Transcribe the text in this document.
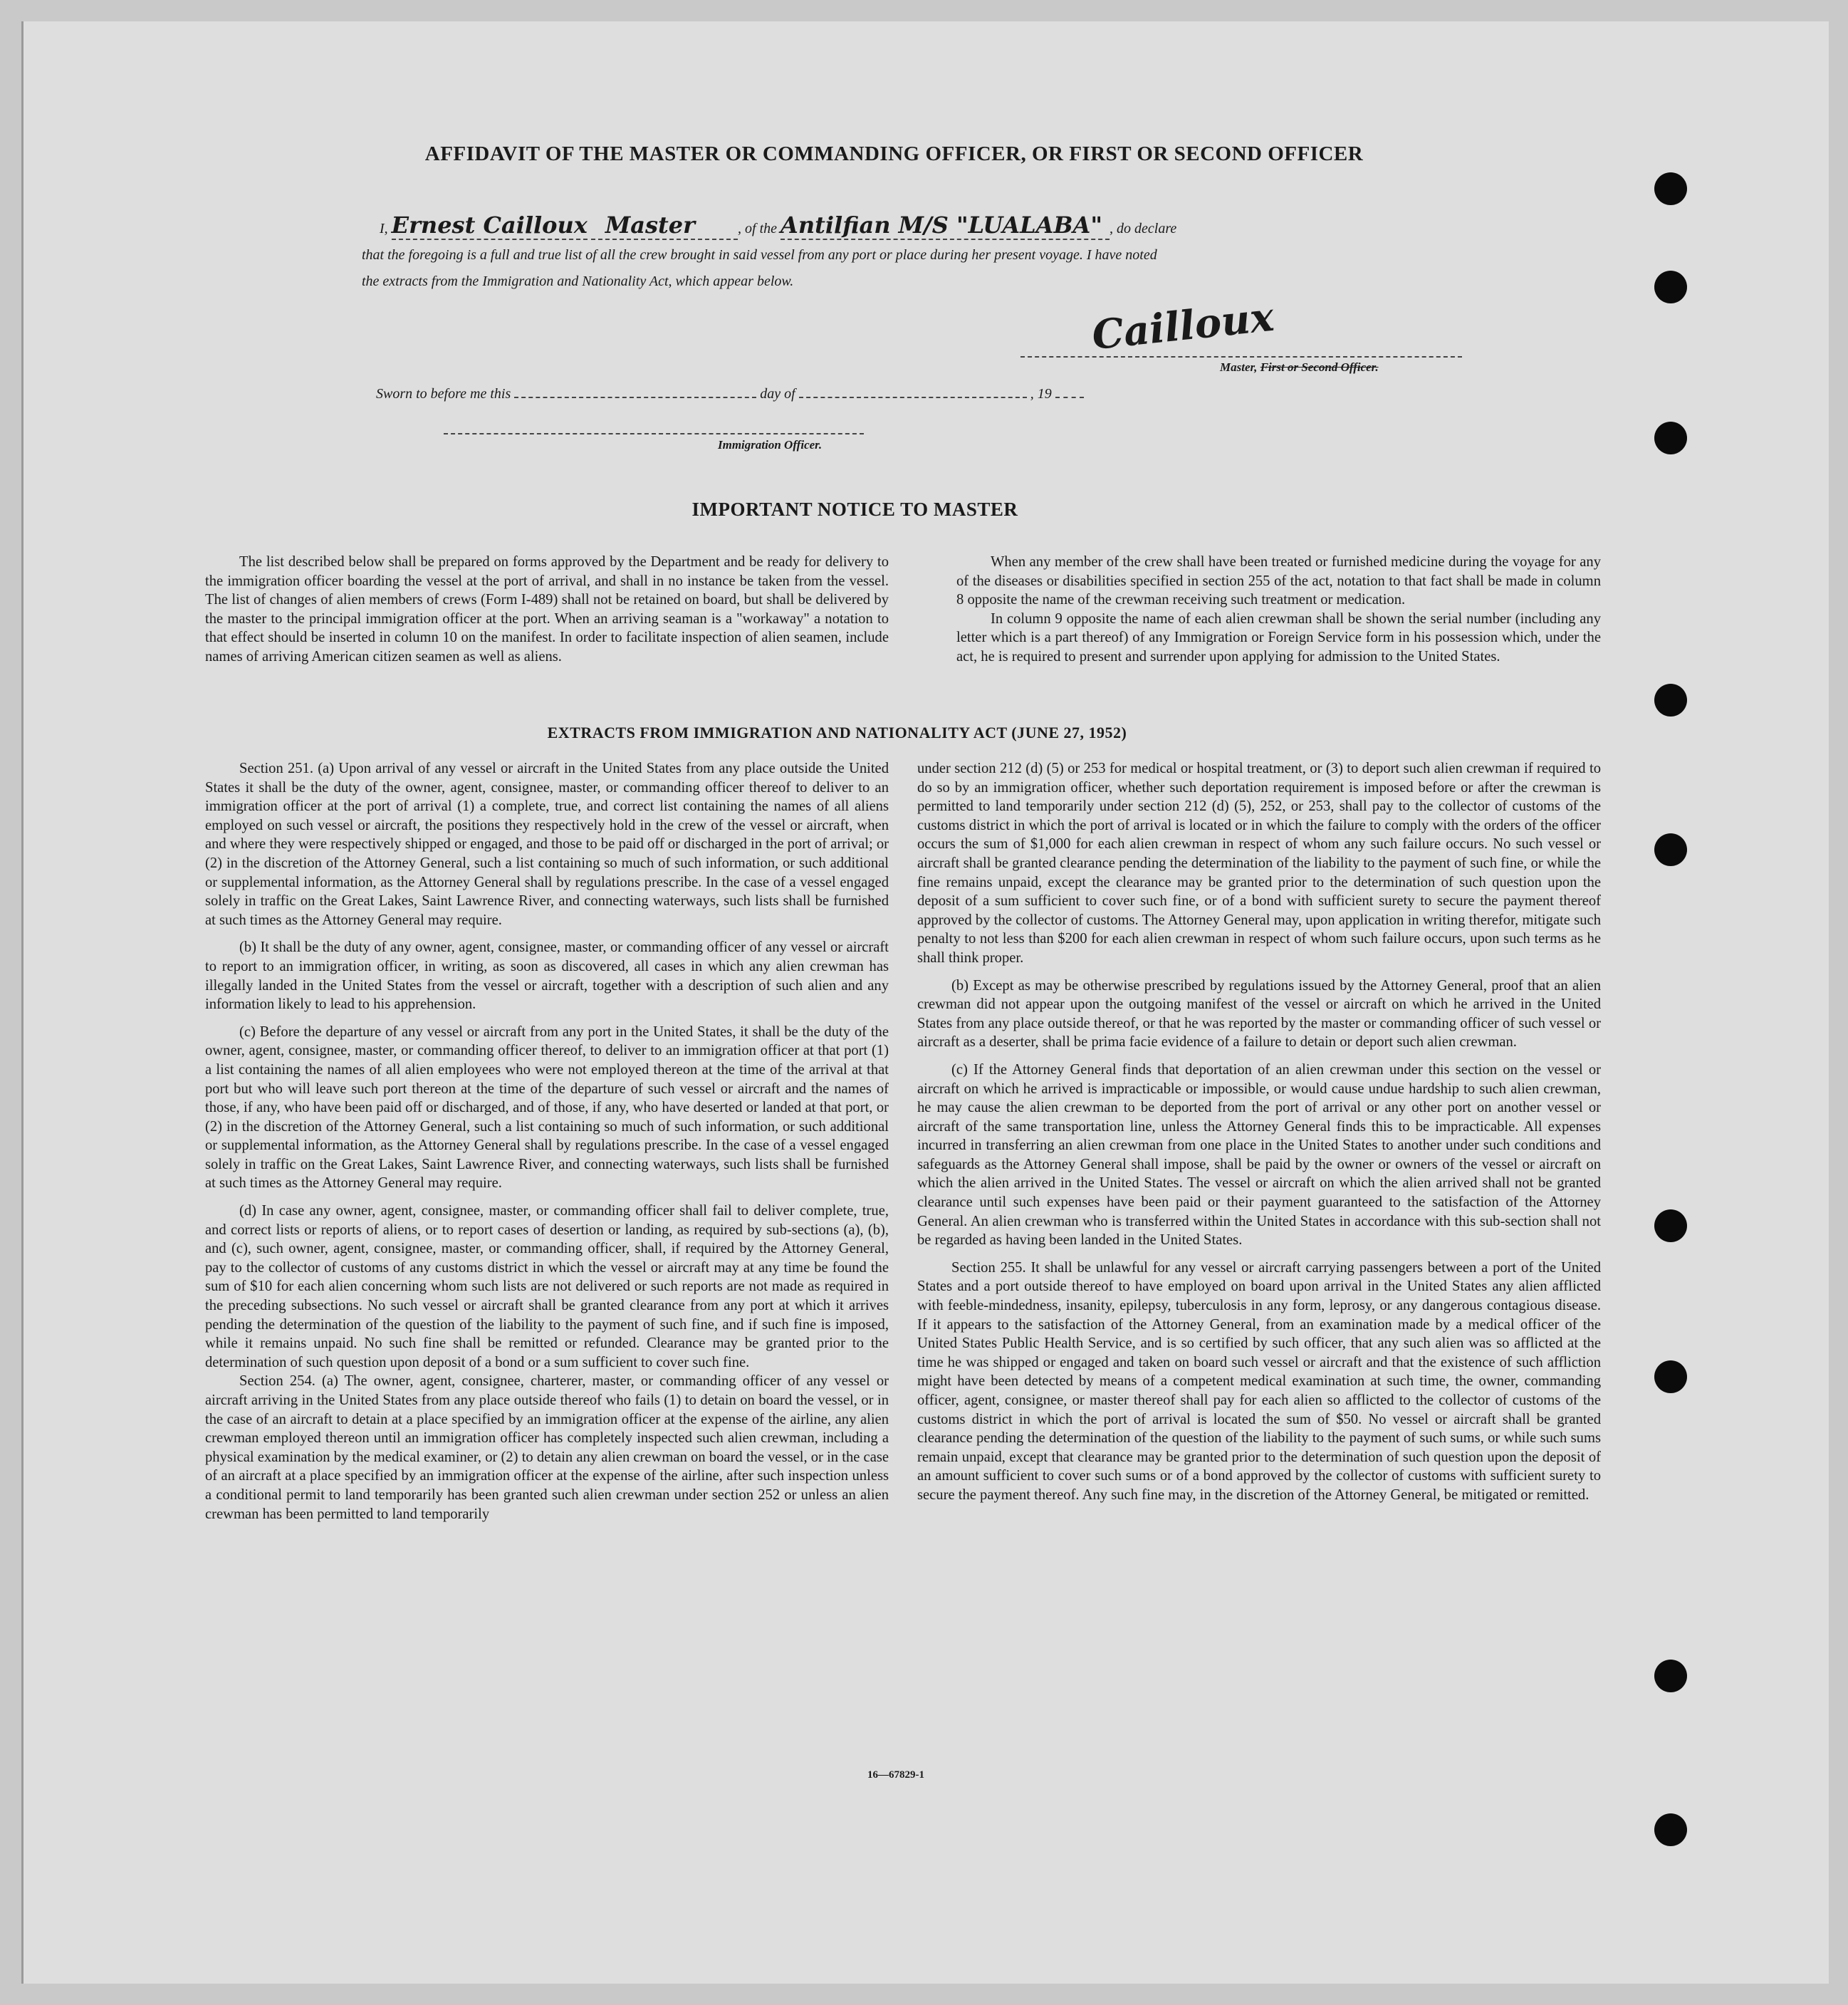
AFFIDAVIT OF THE MASTER OR COMMANDING OFFICER, OR FIRST OR SECOND OFFICER
I, Ernest Cailloux Master	, of the Antilfian M/S "LUALABA" , do declare
that the foregoing is a full and true list of all the crew brought in said vessel from any port or place during her present voyage. I have noted
the extracts from the Immigration and Nationality Act, which appear below.
Cailloux
Master, First or Second Officer.
Sworn to before me this	day of	, 19
Immigration Officer.
IMPORTANT NOTICE TO MASTER

The list described below shall be prepared on forms approved by the Department and be ready for delivery to the immigration officer boarding the vessel at the port of arrival, and shall in no instance be taken from the vessel. The list of changes of alien members of crews (Form I-489) shall not be retained on board, but shall be delivered by the master to the principal immigration officer at the port. When an arriving seaman is a "workaway" a notation to that effect should be inserted in column 10 on the manifest. In order to facilitate inspection of alien seamen, include names of arriving American citizen seamen as well as aliens.

When any member of the crew shall have been treated or furnished medicine during the voyage for any of the diseases or disabilities specified in section 255 of the act, notation to that fact shall be made in column 8 opposite the name of the crewman receiving such treatment or medication.

In column 9 opposite the name of each alien crewman shall be shown the serial number (including any letter which is a part thereof) of any Immigration or Foreign Service form in his possession which, under the act, he is required to present and surrender upon applying for admission to the United States.

EXTRACTS FROM IMMIGRATION AND NATIONALITY ACT (JUNE 27, 1952)

Section 251. (a) Upon arrival of any vessel or aircraft in the United States from any place outside the United States it shall be the duty of the owner, agent, consignee, master, or commanding officer thereof to deliver to an immigration officer at the port of arrival (1) a complete, true, and correct list containing the names of all aliens employed on such vessel or aircraft, the positions they respectively hold in the crew of the vessel or aircraft, when and where they were respectively shipped or engaged, and those to be paid off or discharged in the port of arrival; or (2) in the discretion of the Attorney General, such a list containing so much of such information, or such additional or supplemental information, as the Attorney General shall by regulations prescribe. In the case of a vessel engaged solely in traffic on the Great Lakes, Saint Lawrence River, and connecting waterways, such lists shall be furnished at such times as the Attorney General may require.

(b) It shall be the duty of any owner, agent, consignee, master, or commanding officer of any vessel or aircraft to report to an immigration officer, in writing, as soon as discovered, all cases in which any alien crewman has illegally landed in the United States from the vessel or aircraft, together with a description of such alien and any information likely to lead to his apprehension.

(c) Before the departure of any vessel or aircraft from any port in the United States, it shall be the duty of the owner, agent, consignee, master, or commanding officer thereof, to deliver to an immigration officer at that port (1) a list containing the names of all alien employees who were not employed thereon at the time of the arrival at that port but who will leave such port thereon at the time of the departure of such vessel or aircraft and the names of those, if any, who have been paid off or discharged, and of those, if any, who have deserted or landed at that port, or (2) in the discretion of the Attorney General, such a list containing so much of such information, or such additional or supplemental information, as the Attorney General shall by regulations prescribe. In the case of a vessel engaged solely in traffic on the Great Lakes, Saint Lawrence River, and connecting waterways, such lists shall be furnished at such times as the Attorney General may require.

(d) In case any owner, agent, consignee, master, or commanding officer shall fail to deliver complete, true, and correct lists or reports of aliens, or to report cases of desertion or landing, as required by sub-sections (a), (b), and (c), such owner, agent, consignee, master, or commanding officer, shall, if required by the Attorney General, pay to the collector of customs of any customs district in which the vessel or aircraft may at any time be found the sum of $10 for each alien concerning whom such lists are not delivered or such reports are not made as required in the preceding subsections. No such vessel or aircraft shall be granted clearance from any port at which it arrives pending the determination of the question of the liability to the payment of such fine, and if such fine is imposed, while it remains unpaid. No such fine shall be remitted or refunded. Clearance may be granted prior to the determination of such question upon deposit of a bond or a sum sufficient to cover such fine.

Section 254. (a) The owner, agent, consignee, charterer, master, or commanding officer of any vessel or aircraft arriving in the United States from any place outside thereof who fails (1) to detain on board the vessel, or in the case of an aircraft to detain at a place specified by an immigration officer at the expense of the airline, any alien crewman employed thereon until an immigration officer has completely inspected such alien crewman, including a physical examination by the medical examiner, or (2) to detain any alien crewman on board the vessel, or in the case of an aircraft at a place specified by an immigration officer at the expense of the airline, after such inspection unless a conditional permit to land temporarily has been granted such alien crewman under section 252 or unless an alien crewman has been permitted to land temporarily

under section 212 (d) (5) or 253 for medical or hospital treatment, or (3) to deport such alien crewman if required to do so by an immigration officer, whether such deportation requirement is imposed before or after the crewman is permitted to land temporarily under section 212 (d) (5), 252, or 253, shall pay to the collector of customs of the customs district in which the port of arrival is located or in which the failure to comply with the orders of the officer occurs the sum of $1,000 for each alien crewman in respect of whom any such failure occurs. No such vessel or aircraft shall be granted clearance pending the determination of the liability to the payment of such fine, or while the fine remains unpaid, except the clearance may be granted prior to the determination of such question upon the deposit of a sum sufficient to cover such fine, or of a bond with sufficient surety to secure the payment thereof approved by the collector of customs. The Attorney General may, upon application in writing therefor, mitigate such penalty to not less than $200 for each alien crewman in respect of whom such failure occurs, upon such terms as he shall think proper.

(b) Except as may be otherwise prescribed by regulations issued by the Attorney General, proof that an alien crewman did not appear upon the outgoing manifest of the vessel or aircraft on which he arrived in the United States from any place outside thereof, or that he was reported by the master or commanding officer of such vessel or aircraft as a deserter, shall be prima facie evidence of a failure to detain or deport such alien crewman.

(c) If the Attorney General finds that deportation of an alien crewman under this section on the vessel or aircraft on which he arrived is impracticable or impossible, or would cause undue hardship to such alien crewman, he may cause the alien crewman to be deported from the port of arrival or any other port on another vessel or aircraft of the same transportation line, unless the Attorney General finds this to be impracticable. All expenses incurred in transferring an alien crewman from one place in the United States to another under such conditions and safeguards as the Attorney General shall impose, shall be paid by the owner or owners of the vessel or aircraft on which the alien arrived in the United States. The vessel or aircraft on which the alien arrived shall not be granted clearance until such expenses have been paid or their payment guaranteed to the satisfaction of the Attorney General. An alien crewman who is transferred within the United States in accordance with this sub-section shall not be regarded as having been landed in the United States.

Section 255. It shall be unlawful for any vessel or aircraft carrying passengers between a port of the United States and a port outside thereof to have employed on board upon arrival in the United States any alien afflicted with feeble-mindedness, insanity, epilepsy, tuberculosis in any form, leprosy, or any dangerous contagious disease. If it appears to the satisfaction of the Attorney General, from an examination made by a medical officer of the United States Public Health Service, and is so certified by such officer, that any such alien was so afflicted at the time he was shipped or engaged and taken on board such vessel or aircraft and that the existence of such affliction might have been detected by means of a competent medical examination at such time, the owner, commanding officer, agent, consignee, or master thereof shall pay for each alien so afflicted to the collector of customs of the customs district in which the port of arrival is located the sum of $50. No vessel or aircraft shall be granted clearance pending the determination of the question of the liability to the payment of such sums, or while such sums remain unpaid, except that clearance may be granted prior to the determination of such question upon the deposit of an amount sufficient to cover such sums or of a bond approved by the collector of customs with sufficient surety to secure the payment thereof. Any such fine may, in the discretion of the Attorney General, be mitigated or remitted.

16—67829-1
